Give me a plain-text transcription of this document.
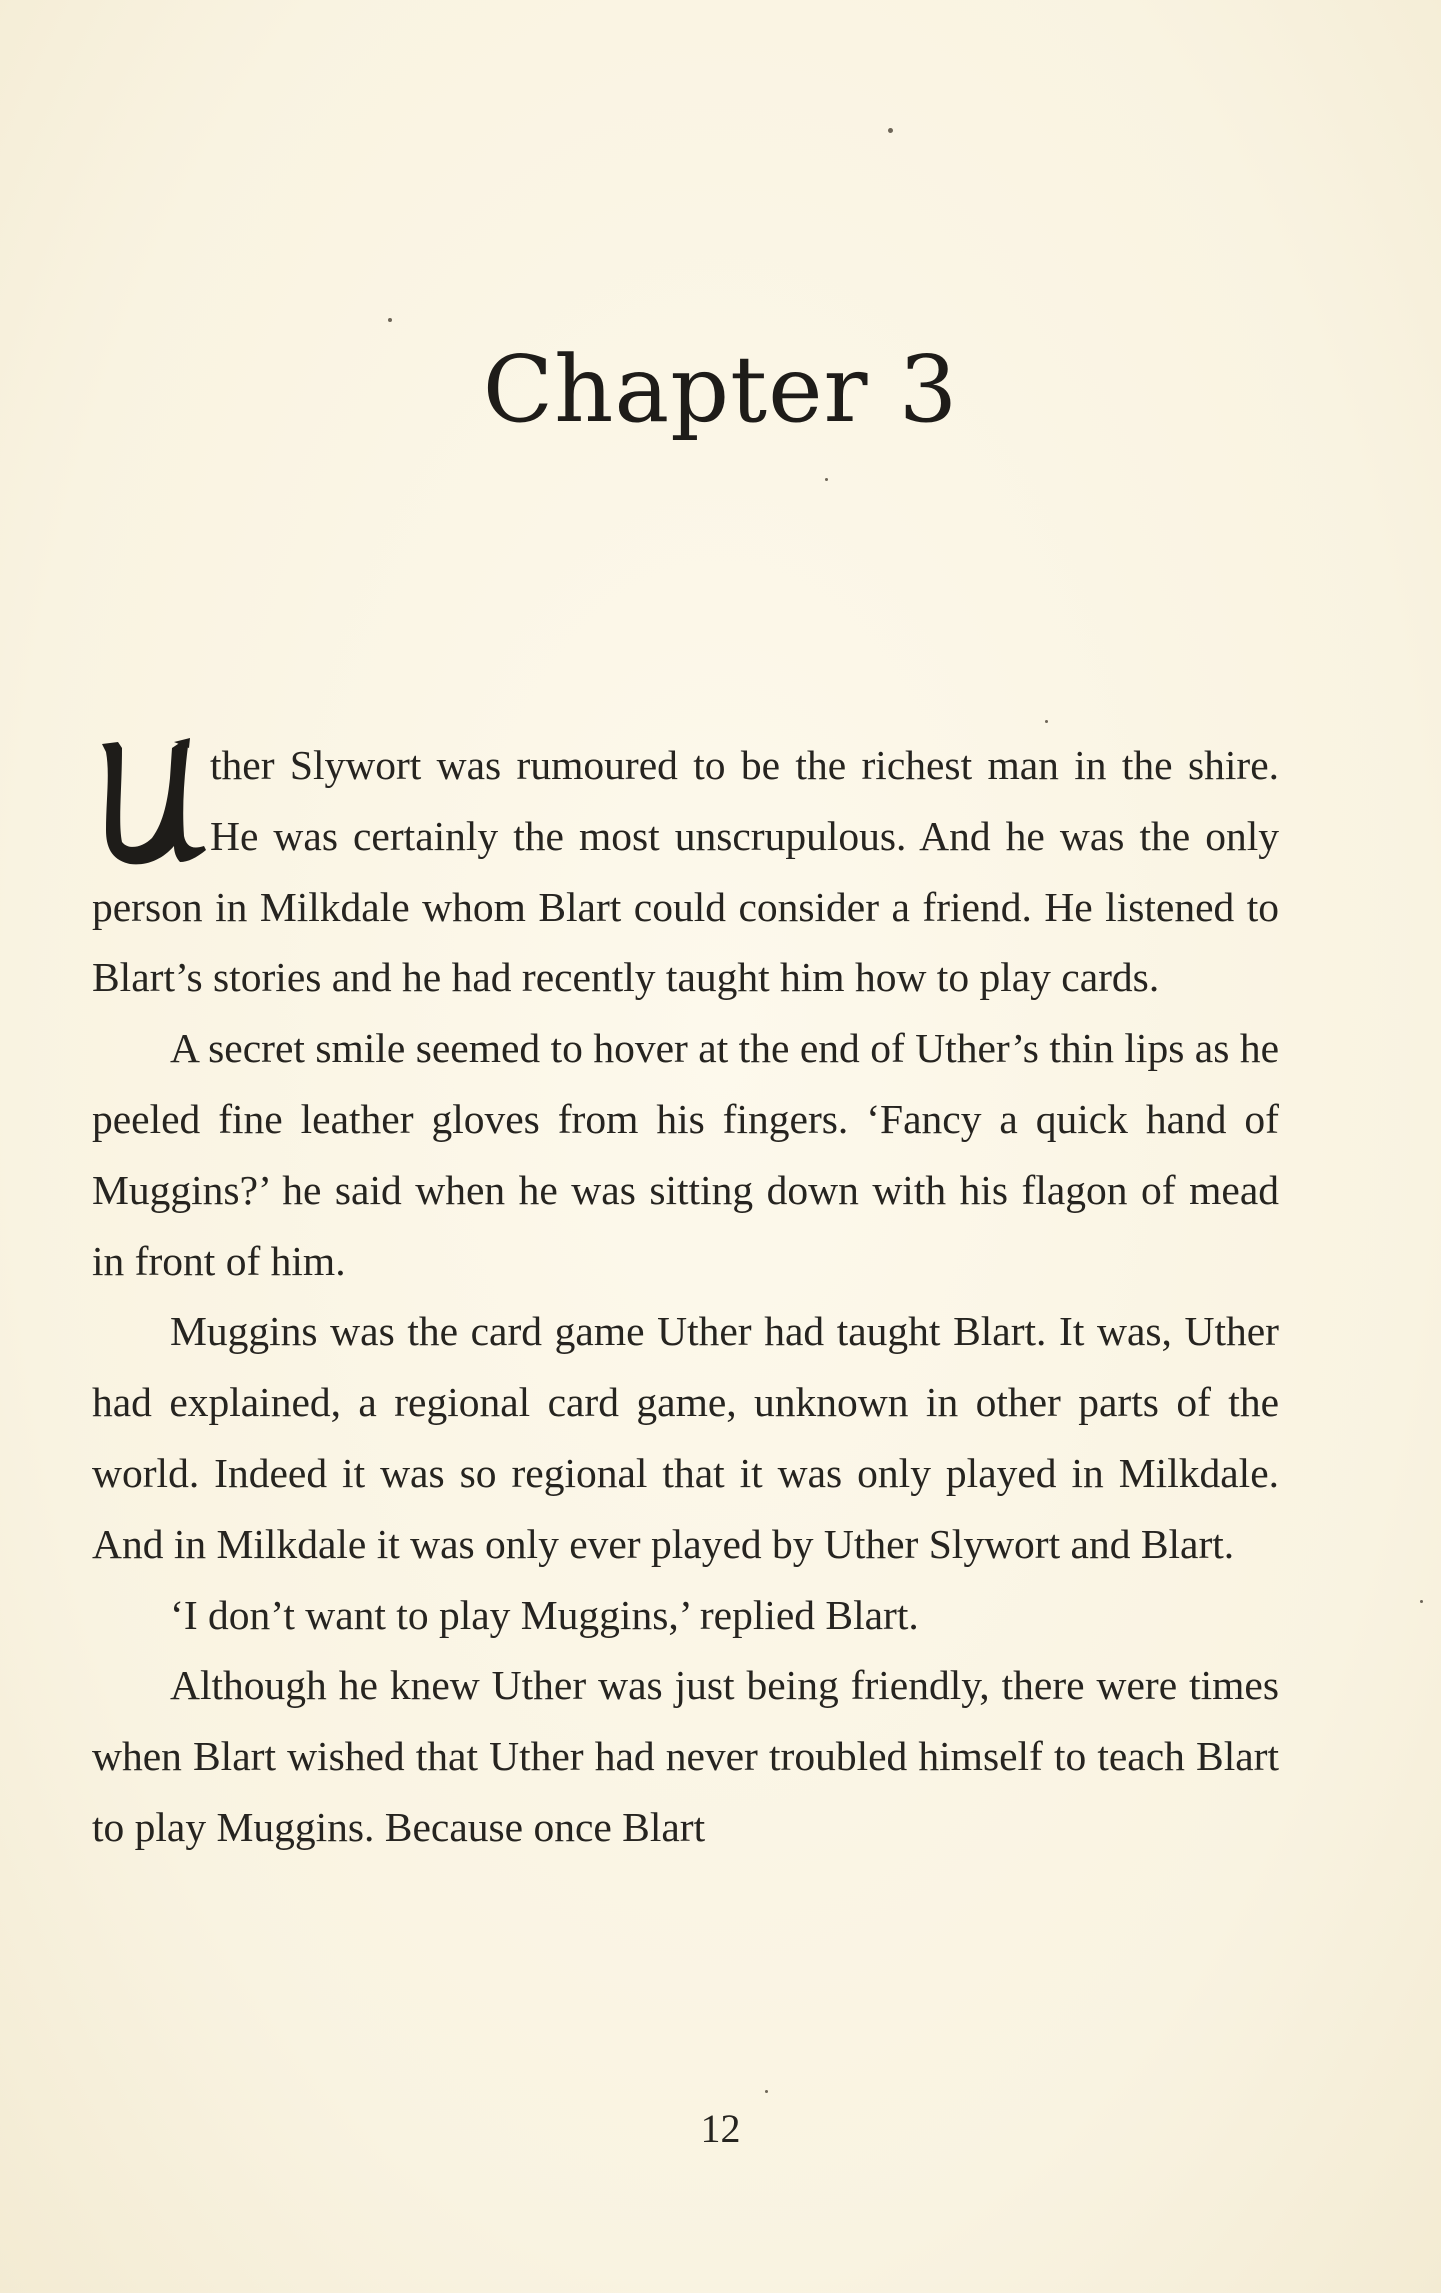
Chapter 3

ther Slywort was rumoured to be the richest man in the shire. He was certainly the most unscrupulous. And he was the only person in Milkdale whom Blart could consider a friend. He listened to Blart’s stories and he had recently taught him how to play cards.

A secret smile seemed to hover at the end of Uther’s thin lips as he peeled fine leather gloves from his fingers. ‘Fancy a quick hand of Muggins?’ he said when he was sitting down with his flagon of mead in front of him.

Muggins was the card game Uther had taught Blart. It was, Uther had explained, a regional card game, unknown in other parts of the world. Indeed it was so regional that it was only played in Milkdale. And in Milkdale it was only ever played by Uther Slywort and Blart.

‘I don’t want to play Muggins,’ replied Blart.

Although he knew Uther was just being friendly, there were times when Blart wished that Uther had never troubled himself to teach Blart to play Muggins. Because once Blart

12
